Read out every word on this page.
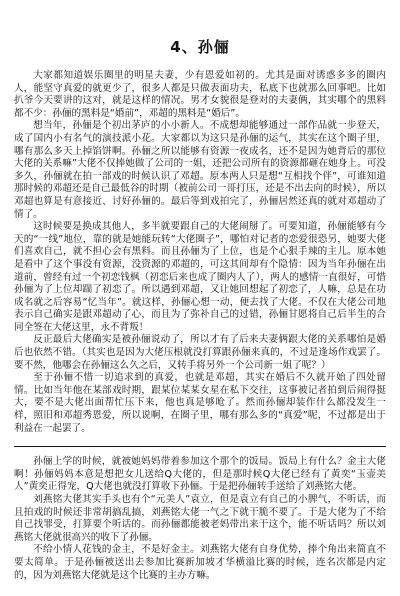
4、孙俪

大家都知道娱乐圈里的明星夫妻，少有恩爱如初的。尤其是面对诱惑多多的圈内人，能坚守真爱的就更少了，很多人都是只做表面功夫，私底下也就那么回事吧。比如扒爷今天要讲的这对，就是这样的情况。男才女貌很是登对的夫妻俩，其实哪个的黑料都不少：孙俪的黑料是“婚前”，邓超的黑料是“婚后”。

想当年，孙俪是个初出茅庐的小小新人。不成想却能够通过一部作品就一步登天，成了国内小有名气的演技派小花。大家都以为这只是孙俪的运气，其实在这个圈子里，哪有那么多天上掉馅饼啊。孙俪之所以能够有资源一夜成名，还不是因为她背后的那位大佬的关系嘛”大佬不仅捧她做了公司的一姐，还把公司所有的资源都砸在她身上。可没多久，孙俪就在拍一部戏的时候认识了邓超。原本两人只是想“互相找个伴”，可谁知道那时候的邓超还是自己最低谷的时期（被前公司一哥打压，还是不出去向的时候），所以邓超也算是有意接近、讨好孙俪的。最后等到戏拍完了，孙俪居然还真的就对邓超动了情了。

这时候要是换成其他人，多半就要跟自己的大佬闹掰了。可要知道，孙俪能够有今天的“一线”地位，靠的就是她能玩转“大佬圈子”，哪怕对记者的恋爱很恐另，她要大佬们喜欢自己，就不担心会有黑料。而且孙俪为了上位，也是个心狠手辣的主儿。原本她是看中了这个事没有资源，没资源的邓超的，可这其间却有个隐情：因为当年孙俪在出道前，曾经有过一个初恋钱枫（初恋后来也成了圈内人了），两人的感情一直很好，可惜孙俪为了上位却踹了初恋了。所以遇到邓超，又让她回想起了初恋了，人嘛，总是在功成名就之后容易“忆当年”。就这样，孙俪心想一动，便去找了大佬。不仅在大佬公司地表示自己确实是跟邓超动了心，而且为了弥补自己的过错，孙俪甘愿将自己后半生的合同全签在大佬这里，永不背叛！

反正最后大佬确实是被孙俪说动了，所以才有了后来夫妻俩跟大佬的关系哪怕是婚后也依然不错。（其实也是因为大佬压根就没打算跟孙俪来真的，不过是逢场作戏罢了。要不然，他哪会在孙俪这么久之后，又转手将另外一个公司新一姐了呢？）

至于孙俪不惜一切追求到的真爱，也就是邓超，其实在婚后不久就开始了四处留情。比如当年他在某部戏时期，跟某位某某女星在私下交往，这事被记者拍到后闹得挺大，要不是大佬出面帮忙压下来，他也真是够呛了。然而孙俪却装作什么都没发生一样，照旧和邓超秀恩爱，所以说啊，在圈子里，哪有那么多的“真爱”呢，不过都是出于利益在一起罢了。

孙俪上学的时候，就被她妈妈带着参加这个那个的饭局。饭局上有什么？金主大佬啊！孙俪妈妈本意是想把女儿送给Q大佬的，但是那时候Q大佬已经有了黄奕“玉壶美人”黄奕正得宠，Q大佬也就没打算收下孙俪。于是把孙俪转手送给了刘燕铭大佬。

刘燕铭大佬其实手头也有个“元美人”袁立，但是袁立有自己的小脾气，不听话，而且拍戏的时候还非常胡搞乱搞，刘燕铭大佬一气之下就干脆不要了。于是大佬为了不给自己找罪受，打算要个听话的。而孙俪都能被老妈带出来干这个，能不听话吗？所以刘燕铭大佬就很高兴的收下了孙俪。

不给小情人花钱的金主，不是好金主。刘燕铭大佬有自身优势，捧个角出来简直不要太简单。于是孙俪被送出去参加比赛新加坡才华横溢比赛的时候，连名次都是内定的，因为刘燕铭大佬就是这个比赛的主办方嘛。
